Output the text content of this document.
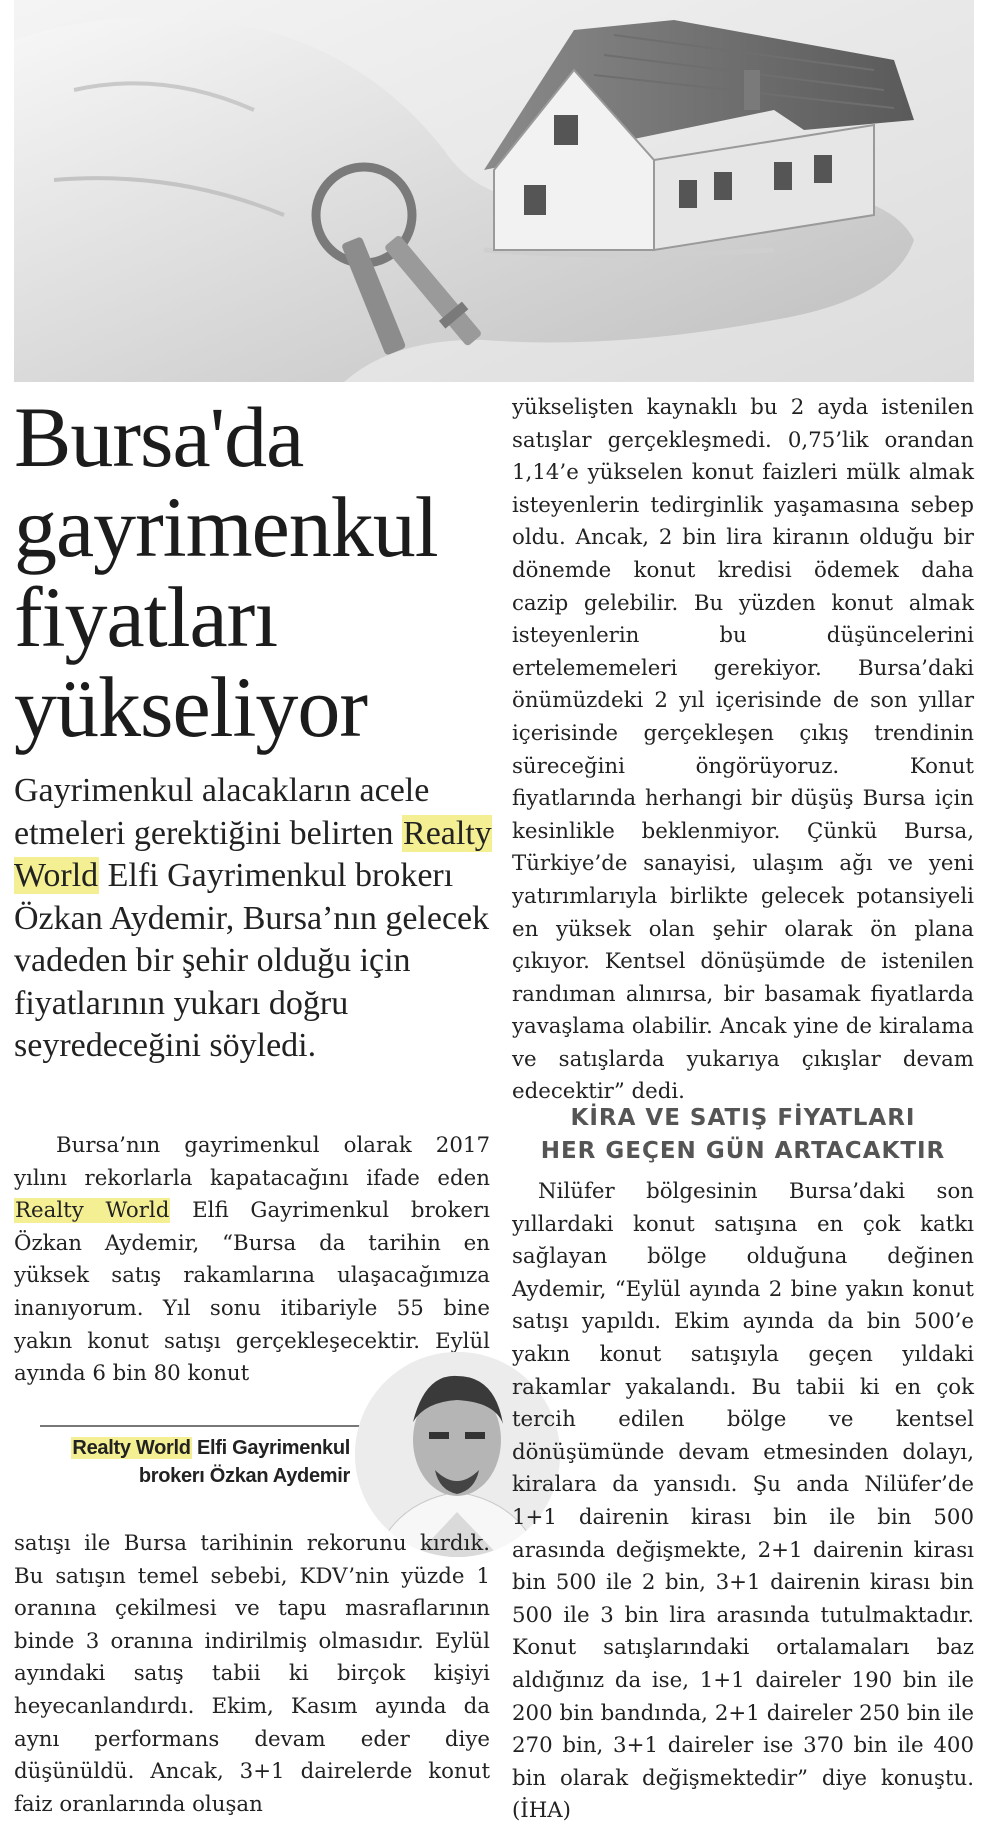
Bursa'da gayrimenkul fiyatları yükseliyor
Gayrimenkul alacakların acele etmeleri gerektiğini belirten Realty World Elfi Gayrimenkul brokerı Özkan Aydemir, Bursa’nın gelecek vadeden bir şehir olduğu için fiyatlarının yukarı doğru seyredeceğini söyledi.

Bursa’nın gayrimenkul olarak 2017 yılını rekorlarla kapatacağını ifade eden Realty World Elfi Gayrimenkul brokerı Özkan Aydemir, “Bursa da tarihin en yüksek satış rakamlarına ulaşacağımıza inanıyorum. Yıl sonu itibariyle 55 bine yakın konut satışı gerçekleşecektir. Eylül ayında 6 bin 80 konut

Realty World Elfi Gayrimenkul
brokerı Özkan Aydemir

satışı ile Bursa tarihinin rekorunu kırdık. Bu satışın temel sebebi, KDV’nin yüzde 1 oranına çekilmesi ve tapu masraflarının binde 3 oranına indirilmiş olmasıdır. Eylül ayındaki satış tabii ki birçok kişiyi heyecanlandırdı. Ekim, Kasım ayında da aynı performans devam eder diye düşünüldü. Ancak, 3+1 dairelerde konut faiz oranlarında oluşan

yükselişten kaynaklı bu 2 ayda istenilen satışlar gerçekleşmedi. 0,75’lik orandan 1,14’e yükselen konut faizleri mülk almak isteyenlerin tedirginlik yaşamasına sebep oldu. Ancak, 2 bin lira kiranın olduğu bir dönemde konut kredisi ödemek daha cazip gelebilir. Bu yüzden konut almak isteyenlerin bu düşüncelerini ertelememeleri gerekiyor. Bursa’daki önümüzdeki 2 yıl içerisinde de son yıllar içerisinde gerçekleşen çıkış trendinin süreceğini öngörüyoruz. Konut fiyatlarında herhangi bir düşüş Bursa için kesinlikle beklenmiyor. Çünkü Bursa, Türkiye’de sanayisi, ulaşım ağı ve yeni yatırımlarıyla birlikte gelecek potansiyeli en yüksek olan şehir olarak ön plana çıkıyor. Kentsel dönüşümde de istenilen randıman alınırsa, bir basamak fiyatlarda yavaşlama olabilir. Ancak yine de kiralama ve satışlarda yukarıya çıkışlar devam edecektir” dedi.

KİRA VE SATIŞ FİYATLARI
HER GEÇEN GÜN ARTACAKTIR

Nilüfer bölgesinin Bursa’daki son yıllardaki konut satışına en çok katkı sağlayan bölge olduğuna değinen Aydemir, “Eylül ayında 2 bine yakın konut satışı yapıldı. Ekim ayında da bin 500’e yakın konut satışıyla geçen yıldaki rakamlar yakalandı. Bu tabii ki en çok tercih edilen bölge ve kentsel dönüşümünde devam etmesinden dolayı, kiralara da yansıdı. Şu anda Nilüfer’de 1+1 dairenin kirası bin ile bin 500 arasında değişmekte, 2+1 dairenin kirası bin 500 ile 2 bin, 3+1 dairenin kirası bin 500 ile 3 bin lira arasında tutulmaktadır. Konut satışlarındaki ortalamaları baz aldığınız da ise, 1+1 daireler 190 bin ile 200 bin bandında, 2+1 daireler 250 bin ile 270 bin, 3+1 daireler ise 370 bin ile 400 bin olarak değişmektedir” diye konuştu. (İHA)
